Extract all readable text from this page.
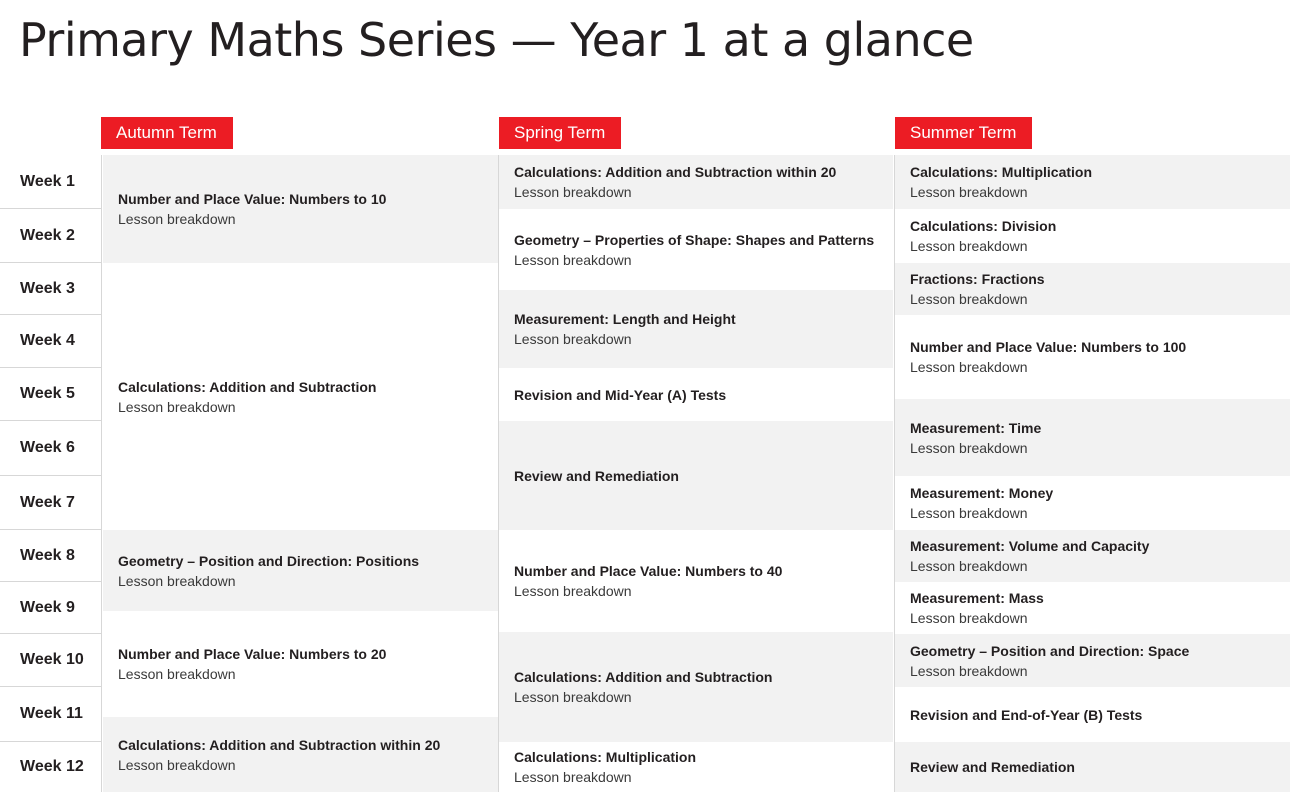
Primary Maths Series — Year 1 at a glance
Week 1
Week 2
Week 3
Week 4
Week 5
Week 6
Week 7
Week 8
Week 9
Week 10
Week 11
Week 12
Autumn Term
Number and Place Value: Numbers to 10
Lesson breakdown
Calculations: Addition and Subtraction
Lesson breakdown
Geometry – Position and Direction: Positions
Lesson breakdown
Number and Place Value: Numbers to 20
Lesson breakdown
Calculations: Addition and Subtraction within 20
Lesson breakdown
Spring Term
Calculations: Addition and Subtraction within 20
Lesson breakdown
Geometry – Properties of Shape: Shapes and Patterns
Lesson breakdown
Measurement: Length and Height
Lesson breakdown
Revision and Mid-Year (A) Tests
Review and Remediation
Number and Place Value: Numbers to 40
Lesson breakdown
Calculations: Addition and Subtraction
Lesson breakdown
Calculations: Multiplication
Lesson breakdown
Summer Term
Calculations: Multiplication
Lesson breakdown
Calculations: Division
Lesson breakdown
Fractions: Fractions
Lesson breakdown
Number and Place Value: Numbers to 100
Lesson breakdown
Measurement: Time
Lesson breakdown
Measurement: Money
Lesson breakdown
Measurement: Volume and Capacity
Lesson breakdown
Measurement: Mass
Lesson breakdown
Geometry – Position and Direction: Space
Lesson breakdown
Revision and End-of-Year (B) Tests
Review and Remediation
